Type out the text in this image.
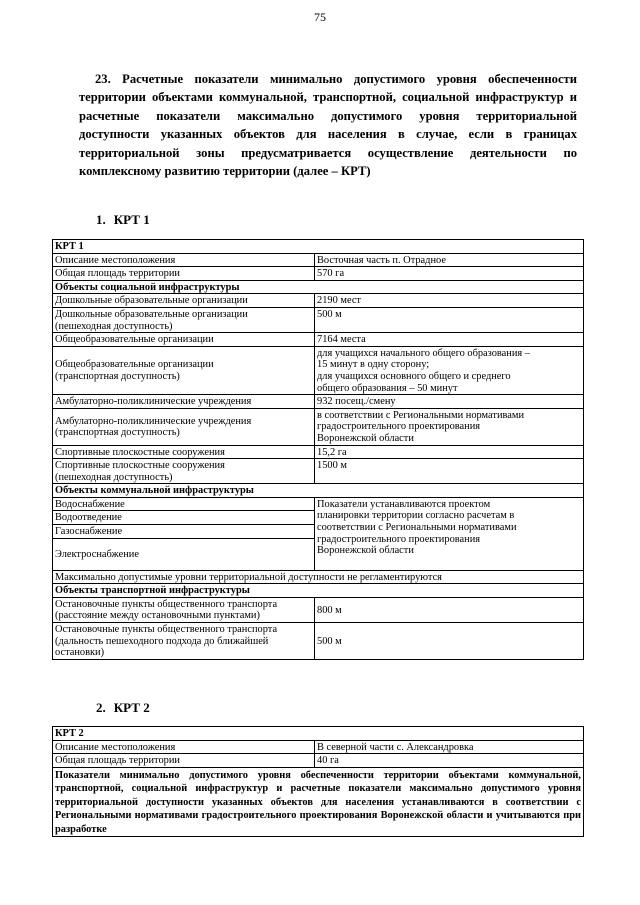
75

23. Расчетные показатели минимально допустимого уровня обеспеченности территории объектами коммунальной, транспортной, социальной инфраструктур и расчетные показатели максимально допустимого уровня территориальной доступности указанных объектов для населения в случае, если в границах территориальной зоны предусматривается осуществление деятельности по комплексному развитию территории (далее – КРТ)

1. КРТ 1
КРТ 1	
Описание местоположения	Восточная часть п. Отрадное
Общая площадь территории	570 га
Объекты социальной инфраструктуры	
Дошкольные образовательные организации	2190 мест
Дошкольные образовательные организации
(пешеходная доступность)	500 м
Общеобразовательные организации	7164 места
Общеобразовательные организации
(транспортная доступность)	для учащихся начального общего образования –
15 минут в одну сторону;
для учащихся основного общего и среднего
общего образования – 50 минут
Амбулаторно-поликлинические учреждения	932 посещ./смену
Амбулаторно-поликлинические учреждения
(транспортная доступность)	в соответствии с Региональными нормативами
градостроительного проектирования
Воронежской области
Спортивные плоскостные сооружения	15,2 га
Спортивные плоскостные сооружения
(пешеходная доступность)	1500 м
Объекты коммунальной инфраструктуры	
Водоснабжение	Показатели устанавливаются проектом
планировки территории согласно расчетам в
соответствии с Региональными нормативами
градостроительного проектирования
Воронежской области
Водоотведение	
Газоснабжение	
Электроснабжение	
Максимально допустимые уровни территориальной доступности не регламентируются	
Объекты транспортной инфраструктуры	
Остановочные пункты общественного транспорта
(расстояние между остановочными пунктами)	800 м
Остановочные пункты общественного транспорта
(дальность пешеходного подхода до ближайшей
остановки)	500 м
2. КРТ 2
КРТ 2	
Описание местоположения	В северной части с. Александровка
Общая площадь территории	40 га
Показатели минимально допустимого уровня обеспеченности территории объектами коммунальной, транспортной, социальной инфраструктур и расчетные показатели максимально допустимого уровня территориальной доступности указанных объектов для населения устанавливаются в соответствии с Региональными нормативами градостроительного проектирования Воронежской области и учитываются при разработке	
